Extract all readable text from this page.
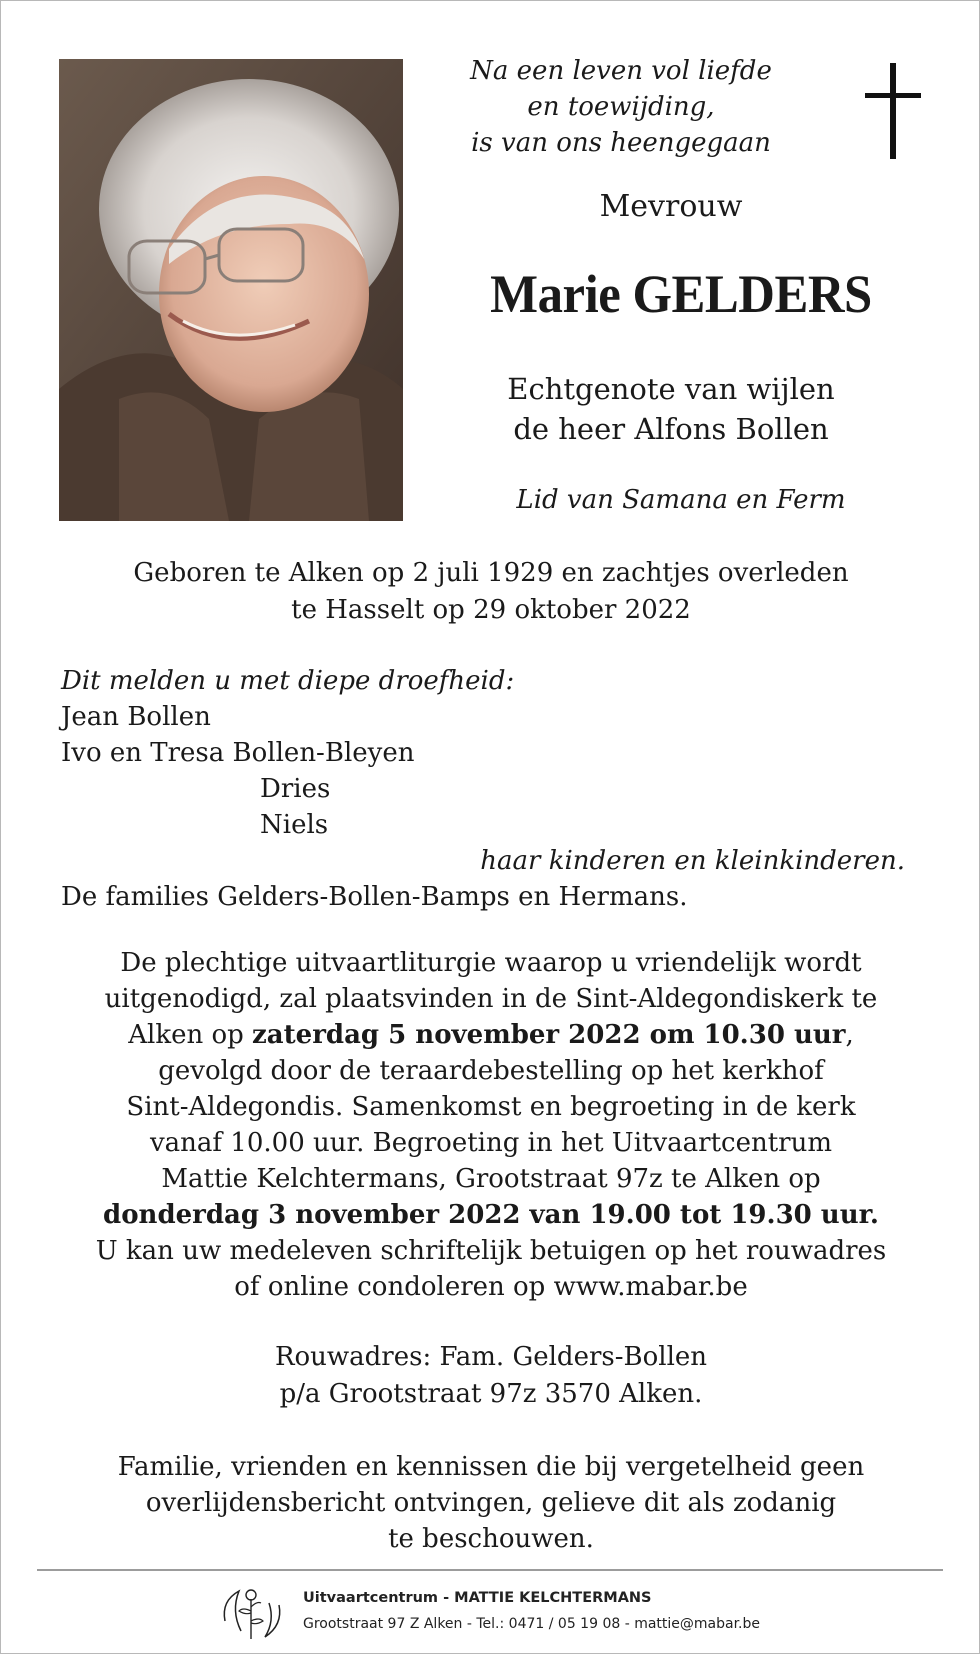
Na een leven vol liefde
en toewijding,
is van ons heengegaan
Mevrouw
Marie GELDERS
Echtgenote van wijlen
de heer Alfons Bollen
Lid van Samana en Ferm
Geboren te Alken op 2 juli 1929 en zachtjes overleden
te Hasselt op 29 oktober 2022
Dit melden u met diepe droefheid:
Jean Bollen
Ivo en Tresa Bollen-Bleyen
Dries
Niels
haar kinderen en kleinkinderen.
De families Gelders-Bollen-Bamps en Hermans.
De plechtige uitvaartliturgie waarop u vriendelijk wordt
uitgenodigd, zal plaatsvinden in de Sint-Aldegondiskerk te
Alken op zaterdag 5 november 2022 om 10.30 uur,
gevolgd door de teraardebestelling op het kerkhof
Sint-Aldegondis. Samenkomst en begroeting in de kerk
vanaf 10.00 uur. Begroeting in het Uitvaartcentrum
Mattie Kelchtermans, Grootstraat 97z te Alken op
donderdag 3 november 2022 van 19.00 tot 19.30 uur.
U kan uw medeleven schriftelijk betuigen op het rouwadres
of online condoleren op www.mabar.be
Rouwadres: Fam. Gelders-Bollen
p/a Grootstraat 97z 3570 Alken.
Familie, vrienden en kennissen die bij vergetelheid geen
overlijdensbericht ontvingen, gelieve dit als zodanig
te beschouwen.
Uitvaartcentrum - MATTIE KELCHTERMANS
Grootstraat 97 Z Alken - Tel.: 0471 / 05 19 08 - mattie@mabar.be
